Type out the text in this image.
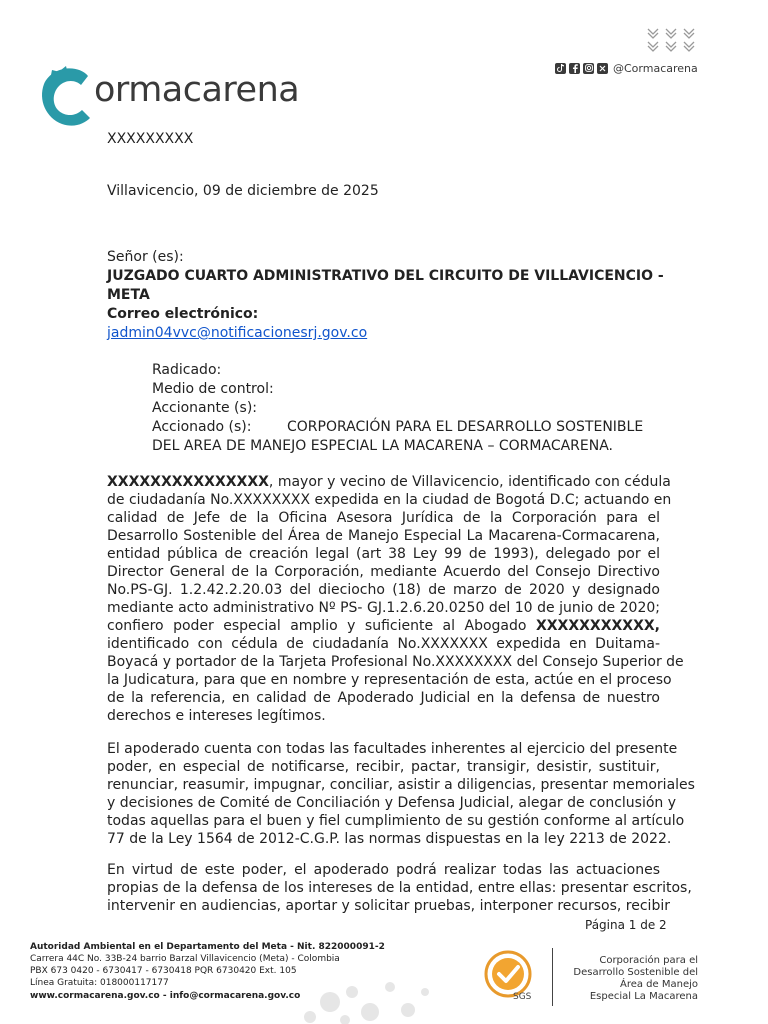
ormacarena
@Cormacarena
XXXXXXXXX
Villavicencio, 09 de diciembre de 2025
Señor (es):
JUZGADO CUARTO ADMINISTRATIVO DEL CIRCUITO DE VILLAVICENCIO -
META
Correo electrónico:
jadmin04vvc@notificacionesrj.gov.co
Radicado:
Medio de control:
Accionante (s):
Accionado (s):	CORPORACIÓN PARA EL DESARROLLO SOSTENIBLE
DEL AREA DE MANEJO ESPECIAL LA MACARENA – CORMACARENA.
XXXXXXXXXXXXXXX, mayor y vecino de Villavicencio, identificado con cédula
de ciudadanía No.XXXXXXXX expedida en la ciudad de Bogotá D.C; actuando en
calidad de Jefe de la Oficina Asesora Jurídica de la Corporación para el
Desarrollo Sostenible del Área de Manejo Especial La Macarena-Cormacarena,
entidad pública de creación legal (art 38 Ley 99 de 1993), delegado por el
Director General de la Corporación, mediante Acuerdo del Consejo Directivo
No.PS-GJ. 1.2.42.2.20.03 del dieciocho (18) de marzo de 2020 y designado
mediante acto administrativo Nº PS- GJ.1.2.6.20.0250 del 10 de junio de 2020;
confiero poder especial amplio y suficiente al Abogado XXXXXXXXXXX,
identificado con cédula de ciudadanía No.XXXXXXX expedida en Duitama-
Boyacá y portador de la Tarjeta Profesional No.XXXXXXXX del Consejo Superior de
la Judicatura, para que en nombre y representación de esta, actúe en el proceso
de la referencia, en calidad de Apoderado Judicial en la defensa de nuestro
derechos e intereses legítimos.
El apoderado cuenta con todas las facultades inherentes al ejercicio del presente
poder, en especial de notificarse, recibir, pactar, transigir, desistir, sustituir,
renunciar, reasumir, impugnar, conciliar, asistir a diligencias, presentar memoriales
y decisiones de Comité de Conciliación y Defensa Judicial, alegar de conclusión y
todas aquellas para el buen y fiel cumplimiento de su gestión conforme al artículo
77 de la Ley 1564 de 2012-C.G.P. las normas dispuestas en la ley 2213 de 2022.
En virtud de este poder, el apoderado podrá realizar todas las actuaciones
propias de la defensa de los intereses de la entidad, entre ellas: presentar escritos,
intervenir en audiencias, aportar y solicitar pruebas, interponer recursos, recibir
Página 1 de 2
Autoridad Ambiental en el Departamento del Meta - Nit. 822000091-2
Carrera 44C No. 33B-24 barrio Barzal Villavicencio (Meta) - Colombia
PBX 673 0420 - 6730417 - 6730418 PQR 6730420 Ext. 105
Línea Gratuita: 018000117177
www.cormacarena.gov.co - info@cormacarena.gov.co	SGS
Corporación para el
Desarrollo Sostenible del
Área de Manejo
Especial La Macarena
